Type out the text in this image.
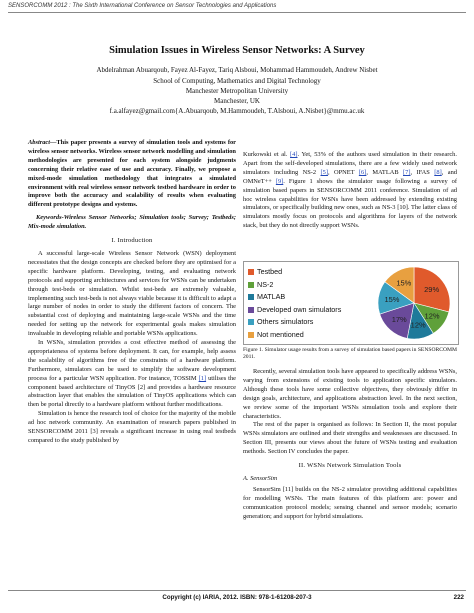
SENSORCOMM 2012 : The Sixth International Conference on Sensor Technologies and Applications
Simulation Issues in Wireless Sensor Networks: A Survey
Abdelrahman Abuarqoub, Fayez Al-Fayez, Tariq Alsboui, Mohammad Hammoudeh, Andrew Nisbet
School of Computing, Mathematics and Digital Technology
Manchester Metropolitan University
Manchester, UK
f.a.alfayez@gmail.com{A.Abuarqoub, M.Hammoudeh, T.Alsboui, A.Nisbet}@mmu.ac.uk

Abstract—This paper presents a survey of simulation tools and systems for wireless sensor networks. Wireless sensor network modelling and simulation methodologies are presented for each system alongside judgments concerning their relative ease of use and accuracy. Finally, we propose a mixed-mode simulation methodology that integrates a simulated environment with real wireless sensor network testbed hardware in order to improve both the accuracy and scalability of results when evaluating different prototype designs and systems.

Keywords-Wireless Sensor Networks; Simulation tools; Survey; Testbeds; Mix-mode simulation.

I. Introduction

A successful large-scale Wireless Sensor Network (WSN) deployment necessitates that the design concepts are checked before they are optimised for a specific hardware platform. Developing, testing, and evaluating network protocols and supporting architectures and services for WSNs can be undertaken through test-beds or simulation. Whilst test-beds are extremely valuable, implementing such test-beds is not always viable because it is difficult to adapt a large number of nodes in order to study the different factors of concern. The substantial cost of deploying and maintaining large-scale WSNs and the time needed for setting up the network for experimental goals makes simulation invaluable in developing reliable and portable WSNs applications.

In WSNs, simulation provides a cost effective method of assessing the appropriateness of systems before deployment. It can, for example, help assess the scalability of algorithms free of the constraints of a hardware platform. Furthermore, simulators can be used to simplify the software development process for a particular WSN application. For instance, TOSSIM [1] utilises the component based architecture of TinyOS [2] and provides a hardware resource abstraction layer that enables the simulation of TinyOS applications which can then be portal directly to a hardware platform without further modifications.

Simulation is hence the research tool of choice for the majority of the mobile ad hoc network community. An examination of research papers published in SENSORCOMM 2011 [3] reveals a significant increase in using real testbeds compared to the study published by

Kurkowski et al. [4]. Yet, 53% of the authors used simulation in their research. Apart from the self-developed simulations, there are a few widely used network simulators including NS-2 [5], OPNET [6], MATLAB [7], IFAS [8], and OMNeT++ [9]. Figure 1 shows the simulator usage following a survey of simulation based papers in SENSORCOMM 2011 conference. Simulation of ad hoc wireless capabilities for WSNs have been addressed by extending existing simulators, or specifically building new ones, such as NS-3 [10]. The latter class of simulators mostly focus on protocols and algorithms for layers of the network stack, but they do not directly support WSNs.

Testbed
NS-2
MATLAB
Developed own simulators
Others simulators
Not mentioned
29%
12%
12%
17%
15%
15%
Figure 1. Simulator usage results from a survey of simulation based papers in SENSORCOMM 2011.

Recently, several simulation tools have appeared to specifically address WSNs, varying from extensions of existing tools to application specific simulators. Although these tools have some collective objectives, they obviously differ in design goals, architecture, and applications abstraction level. In the next section, we review some of the important WSNs simulation tools and explore their characteristics.

The rest of the paper is organised as follows: In Section II, the most popular WSNs simulators are outlined and their strengths and weaknesses are discussed. In Section III, presents our views about the future of WSNs testing and evaluation methods. Section IV concludes the paper.

II. WSNs Network Simulation Tools

A. SensorSim

SensorSim [11] builds on the NS-2 simulator providing additional capabilities for modelling WSNs. The main features of this platform are: power and communication protocol models; sensing channel and sensor models; scenario generation; and support for hybrid simulations.

Copyright (c) IARIA, 2012. ISBN: 978-1-61208-207-3	222
